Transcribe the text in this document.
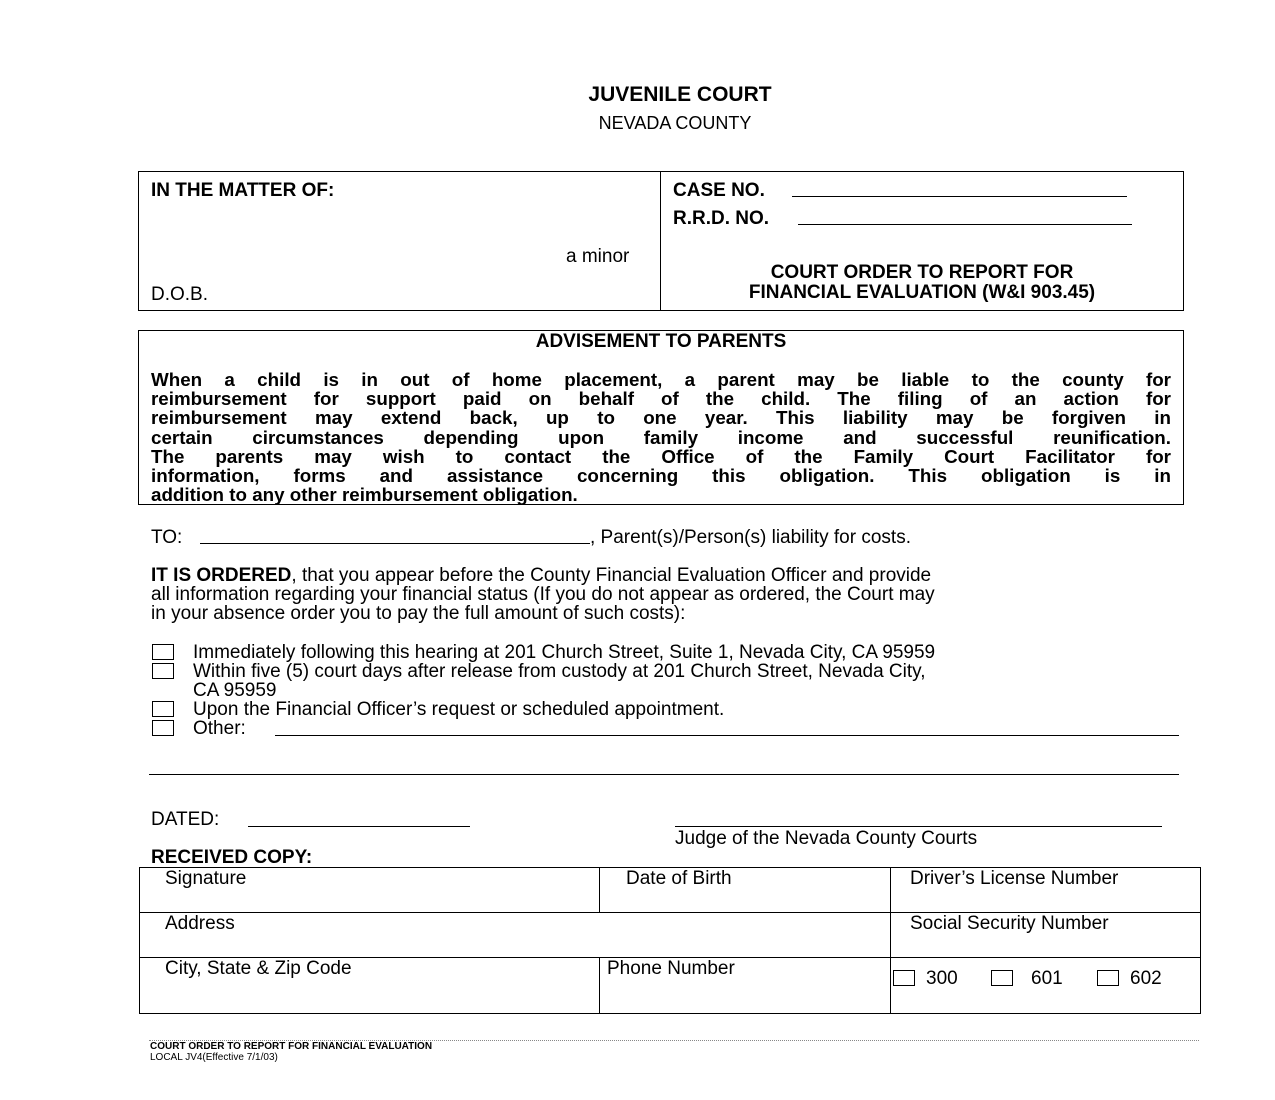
JUVENILE COURT
NEVADA COUNTY
IN THE MATTER OF:
a minor
D.O.B.
CASE NO.
R.R.D. NO.
COURT ORDER TO REPORT FOR
FINANCIAL EVALUATION (W&I 903.45)
ADVISEMENT TO PARENTS
When a child is in out of home placement, a parent may be liable to the county for
reimbursement for support paid on behalf of the child. The filing of an action for
reimbursement may extend back, up to one year. This liability may be forgiven in
certain circumstances depending upon family income and successful reunification.
The parents may wish to contact the Office of the Family Court Facilitator for
information, forms and assistance concerning this obligation. This obligation is in
addition to any other reimbursement obligation.
TO:	, Parent(s)/Person(s) liability for costs.
IT IS ORDERED, that you appear before the County Financial Evaluation Officer and provide
all information regarding your financial status (If you do not appear as ordered, the Court may
in your absence order you to pay the full amount of such costs):
Immediately following this hearing at 201 Church Street, Suite 1, Nevada City, CA 95959
Within five (5) court days after release from custody at 201 Church Street, Nevada City,
CA 95959
Upon the Financial Officer’s request or scheduled appointment.
Other:
DATED:
Judge of the Nevada County Courts
RECEIVED COPY:
Signature	Date of Birth	Driver’s License Number
Address	Social Security Number
City, State & Zip Code	Phone Number	300	601	602
COURT ORDER TO REPORT FOR FINANCIAL EVALUATION
LOCAL JV4(Effective 7/1/03)
